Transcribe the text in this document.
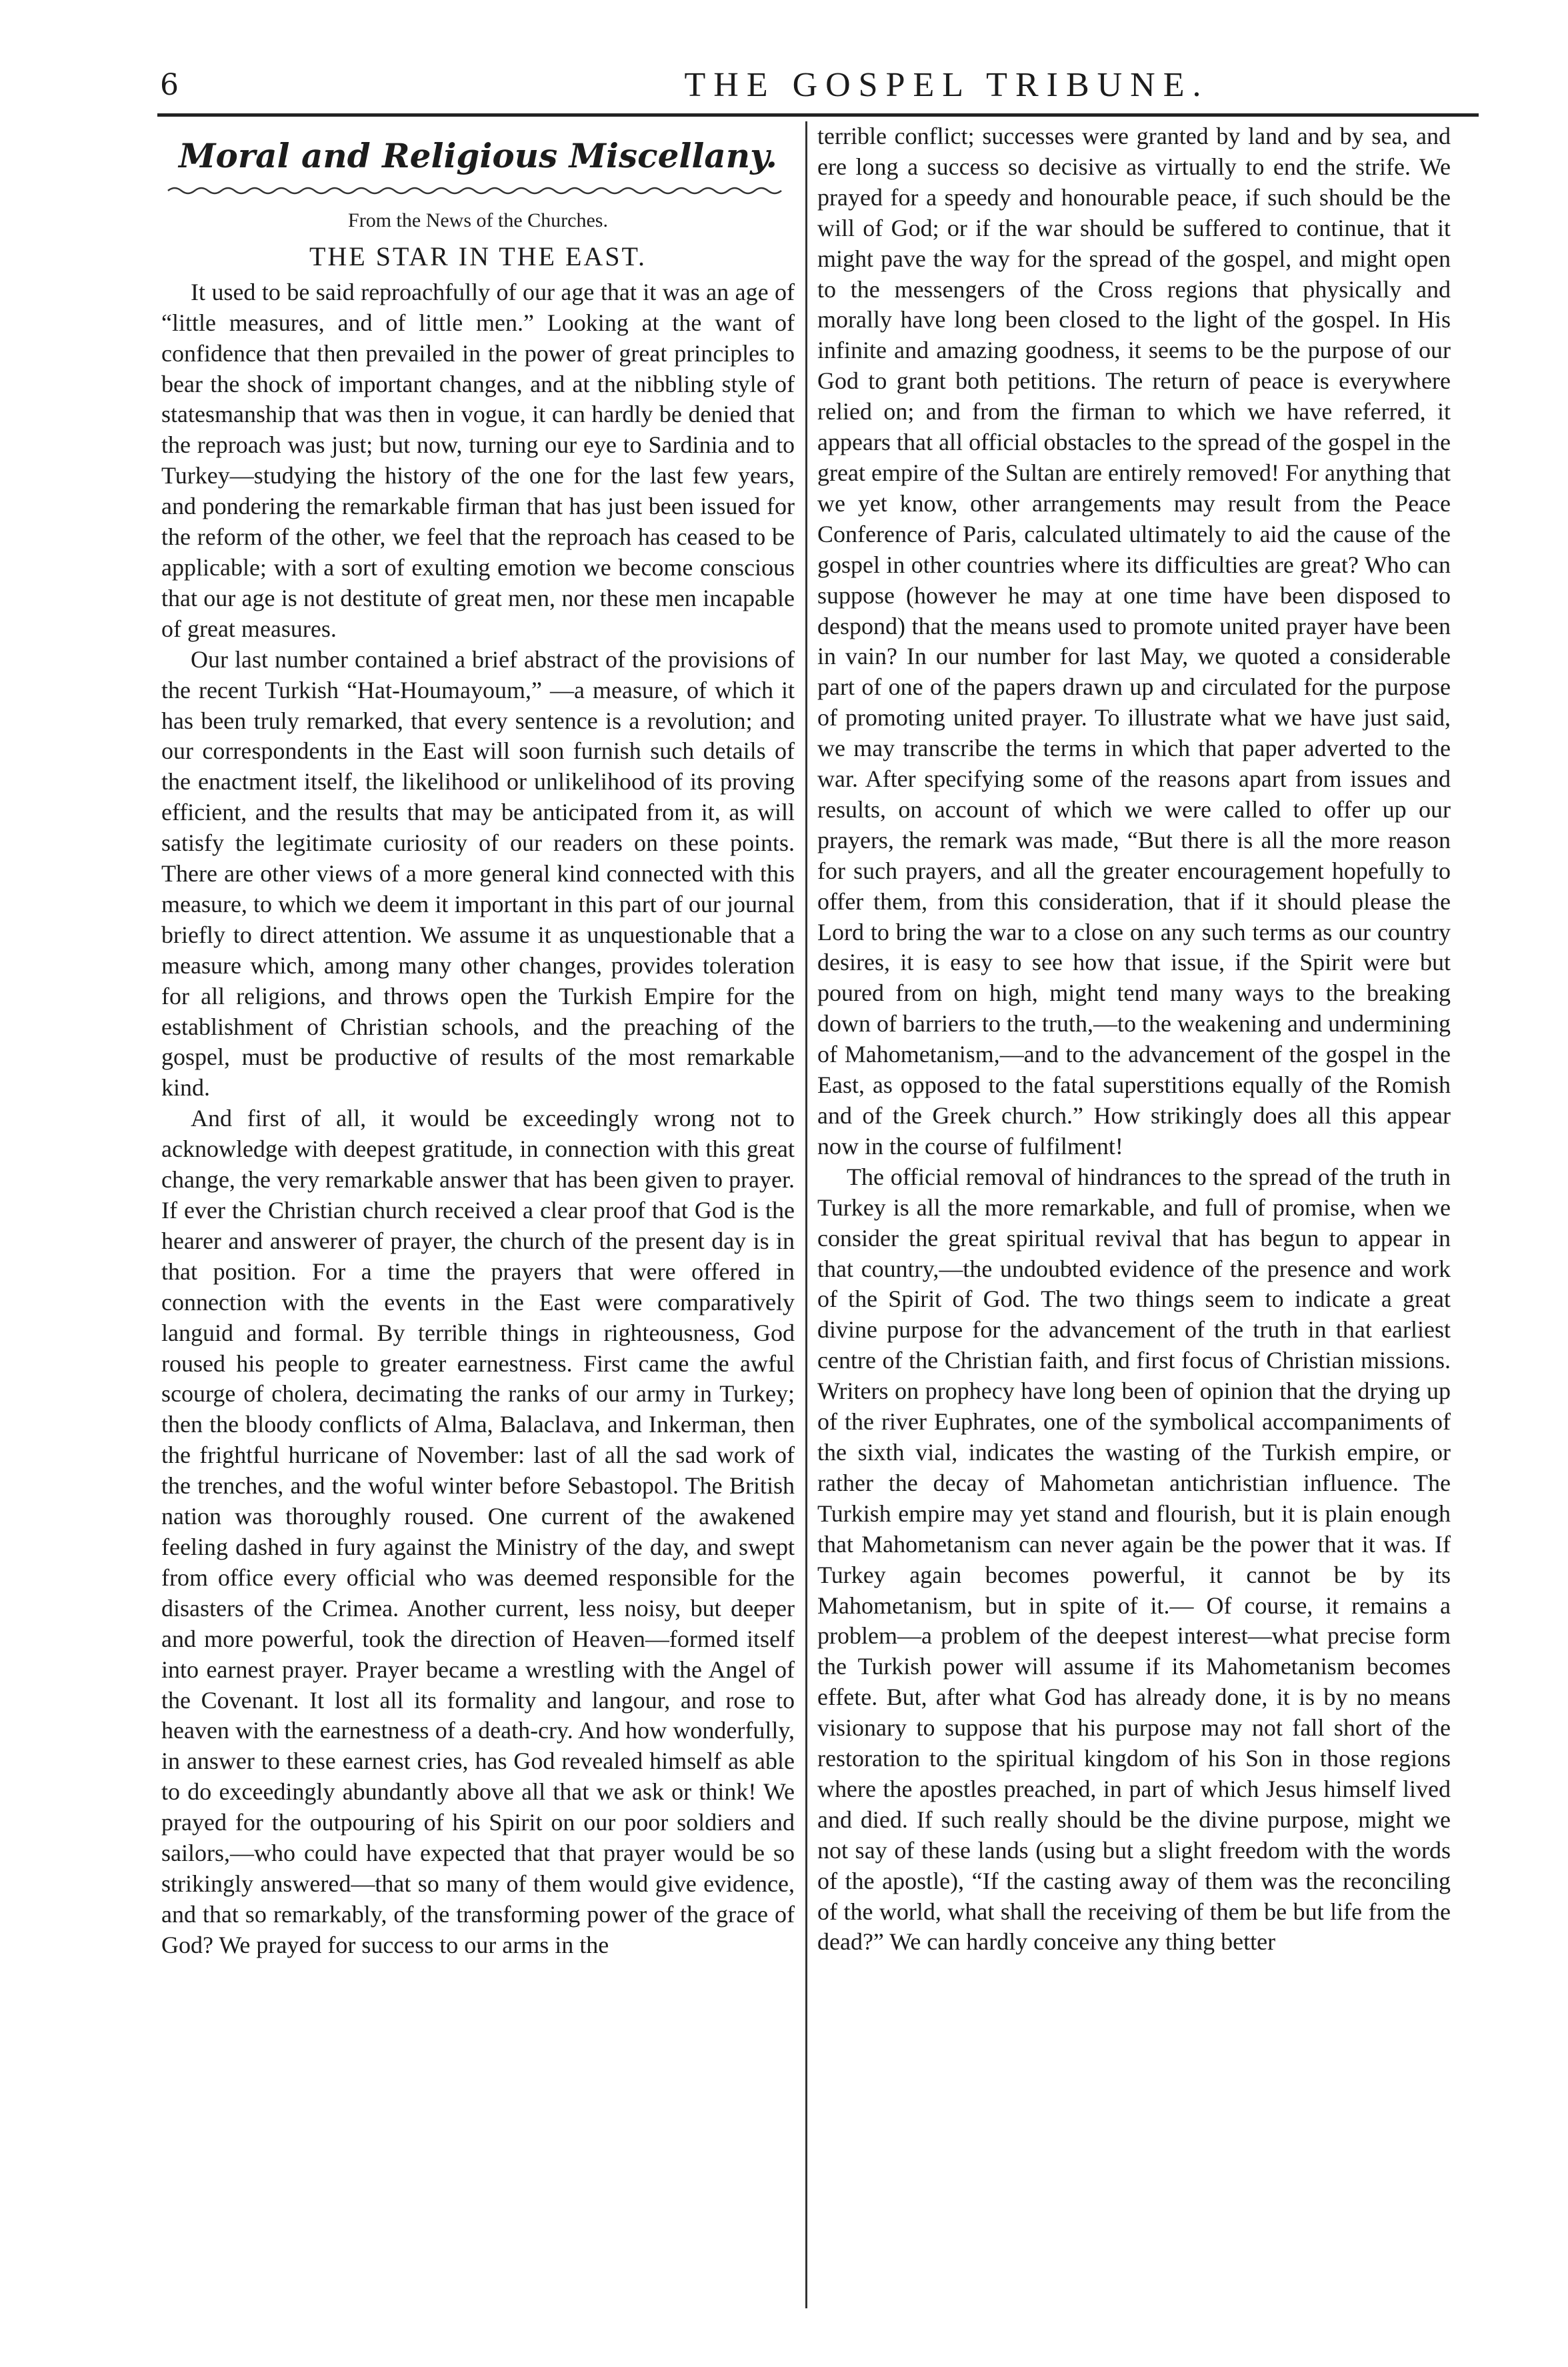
6	THE GOSPEL TRIBUNE.
Moral and Religious Miscellany.
From the News of the Churches.
THE STAR IN THE EAST.

It used to be said reproachfully of our age that it was an age of “little measures, and of little men.” Looking at the want of confidence that then prevailed in the power of great principles to bear the shock of important changes, and at the nibbling style of statesmanship that was then in vogue, it can hardly be denied that the reproach was just; but now, turning our eye to Sardinia and to Turkey—studying the history of the one for the last few years, and pondering the remarkable firman that has just been issued for the reform of the other, we feel that the reproach has ceased to be applicable; with a sort of exulting emotion we become conscious that our age is not destitute of great men, nor these men incapable of great measures.

Our last number contained a brief abstract of the provisions of the recent Turkish “Hat-Houmayoum,” —a measure, of which it has been truly remarked, that every sentence is a revolution; and our correspondents in the East will soon furnish such details of the enactment itself, the likelihood or unlikelihood of its proving efficient, and the results that may be anticipated from it, as will satisfy the legitimate curiosity of our readers on these points. There are other views of a more general kind connected with this measure, to which we deem it important in this part of our journal briefly to direct attention. We assume it as unquestionable that a measure which, among many other changes, provides toleration for all religions, and throws open the Turkish Empire for the establishment of Christian schools, and the preaching of the gospel, must be productive of results of the most remarkable kind.

And first of all, it would be exceedingly wrong not to acknowledge with deepest gratitude, in connection with this great change, the very remarkable answer that has been given to prayer. If ever the Christian church received a clear proof that God is the hearer and answerer of prayer, the church of the present day is in that position. For a time the prayers that were offered in connection with the events in the East were comparatively languid and formal. By terrible things in righteousness, God roused his people to greater earnestness. First came the awful scourge of cholera, decimating the ranks of our army in Turkey; then the bloody conflicts of Alma, Balaclava, and Inkerman, then the frightful hurricane of November: last of all the sad work of the trenches, and the woful winter before Sebastopol. The British nation was thoroughly roused. One current of the awakened feeling dashed in fury against the Ministry of the day, and swept from office every official who was deemed responsible for the disasters of the Crimea. Another current, less noisy, but deeper and more powerful, took the direction of Heaven—formed itself into earnest prayer. Prayer became a wrestling with the Angel of the Covenant. It lost all its formality and langour, and rose to heaven with the earnestness of a death-cry. And how wonderfully, in answer to these earnest cries, has God revealed himself as able to do exceedingly abundantly above all that we ask or think! We prayed for the outpouring of his Spirit on our poor soldiers and sailors,—who could have expected that that prayer would be so strikingly answered—that so many of them would give evidence, and that so remarkably, of the transforming power of the grace of God? We prayed for success to our arms in the

terrible conflict; successes were granted by land and by sea, and ere long a success so decisive as virtually to end the strife. We prayed for a speedy and honourable peace, if such should be the will of God; or if the war should be suffered to continue, that it might pave the way for the spread of the gospel, and might open to the messengers of the Cross regions that physically and morally have long been closed to the light of the gospel. In His infinite and amazing goodness, it seems to be the purpose of our God to grant both petitions. The return of peace is everywhere relied on; and from the firman to which we have referred, it appears that all official obstacles to the spread of the gospel in the great empire of the Sultan are entirely removed! For anything that we yet know, other arrangements may result from the Peace Conference of Paris, calculated ultimately to aid the cause of the gospel in other countries where its difficulties are great? Who can suppose (however he may at one time have been disposed to despond) that the means used to promote united prayer have been in vain? In our number for last May, we quoted a considerable part of one of the papers drawn up and circulated for the purpose of promoting united prayer. To illustrate what we have just said, we may transcribe the terms in which that paper adverted to the war. After specifying some of the reasons apart from issues and results, on account of which we were called to offer up our prayers, the remark was made, “But there is all the more reason for such prayers, and all the greater encouragement hopefully to offer them, from this consideration, that if it should please the Lord to bring the war to a close on any such terms as our country desires, it is easy to see how that issue, if the Spirit were but poured from on high, might tend many ways to the breaking down of barriers to the truth,—to the weakening and undermining of Mahometanism,—and to the advancement of the gospel in the East, as opposed to the fatal superstitions equally of the Romish and of the Greek church.” How strikingly does all this appear now in the course of fulfilment!

The official removal of hindrances to the spread of the truth in Turkey is all the more remarkable, and full of promise, when we consider the great spiritual revival that has begun to appear in that country,—the undoubted evidence of the presence and work of the Spirit of God. The two things seem to indicate a great divine purpose for the advancement of the truth in that earliest centre of the Christian faith, and first focus of Christian missions. Writers on prophecy have long been of opinion that the drying up of the river Euphrates, one of the symbolical accompaniments of the sixth vial, indicates the wasting of the Turkish empire, or rather the decay of Mahometan antichristian influence. The Turkish empire may yet stand and flourish, but it is plain enough that Mahometanism can never again be the power that it was. If Turkey again becomes powerful, it cannot be by its Mahometanism, but in spite of it.— Of course, it remains a problem—a problem of the deepest interest—what precise form the Turkish power will assume if its Mahometanism becomes effete. But, after what God has already done, it is by no means visionary to suppose that his purpose may not fall short of the restoration to the spiritual kingdom of his Son in those regions where the apostles preached, in part of which Jesus himself lived and died. If such really should be the divine purpose, might we not say of these lands (using but a slight freedom with the words of the apostle), “If the casting away of them was the reconciling of the world, what shall the receiving of them be but life from the dead?” We can hardly conceive any thing better
